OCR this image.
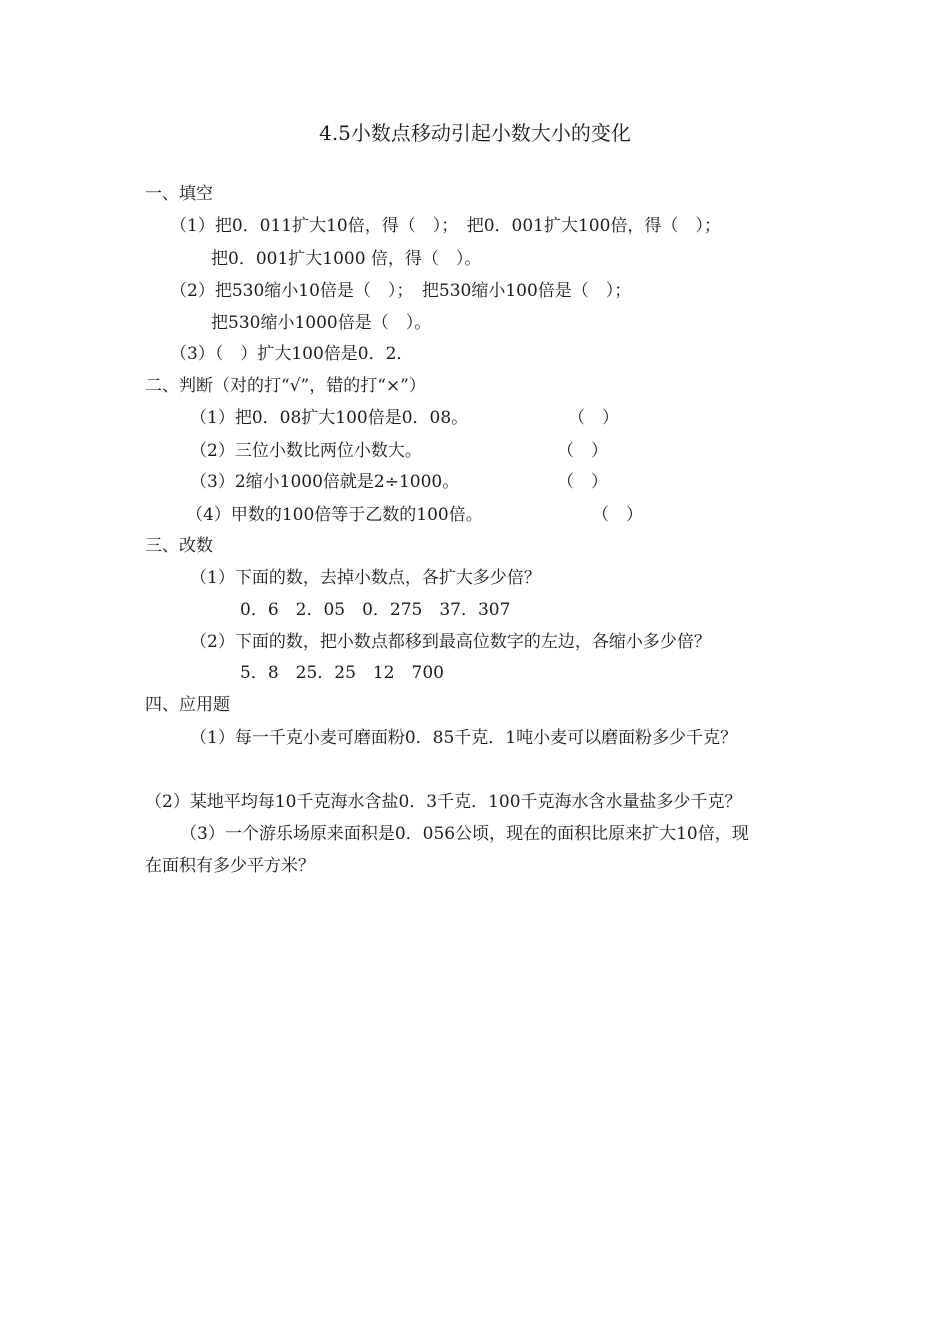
4.5小数点移动引起小数大小的变化
一、填空
（1）把0．011扩大10倍，得（　）；　把0．001扩大100倍，得（　）；
把0．001扩大1000 倍，得（　）。
（2）把530缩小10倍是（　）；　把530缩小100倍是（　）；
把530缩小1000倍是（　）。
（3）（　）扩大100倍是0．2．
二、判断（对的打“√”，错的打“×”）
（1）把0．08扩大100倍是0．08。	（　）
（2）三位小数比两位小数大。	（　）
（3）2缩小1000倍就是2÷1000。	（　）
（4）甲数的100倍等于乙数的100倍。	（　）
三、改数
（1）下面的数，去掉小数点，各扩大多少倍？
0．6　2．05　0．275　37．307
（2）下面的数，把小数点都移到最高位数字的左边，各缩小多少倍？
5．8　25．25　12　700
四、应用题
（1）每一千克小麦可磨面粉0．85千克．1吨小麦可以磨面粉多少千克？
（2）某地平均每10千克海水含盐0．3千克．100千克海水含水量盐多少千克？
（3）一个游乐场原来面积是0．056公顷，现在的面积比原来扩大10倍，现
在面积有多少平方米？
